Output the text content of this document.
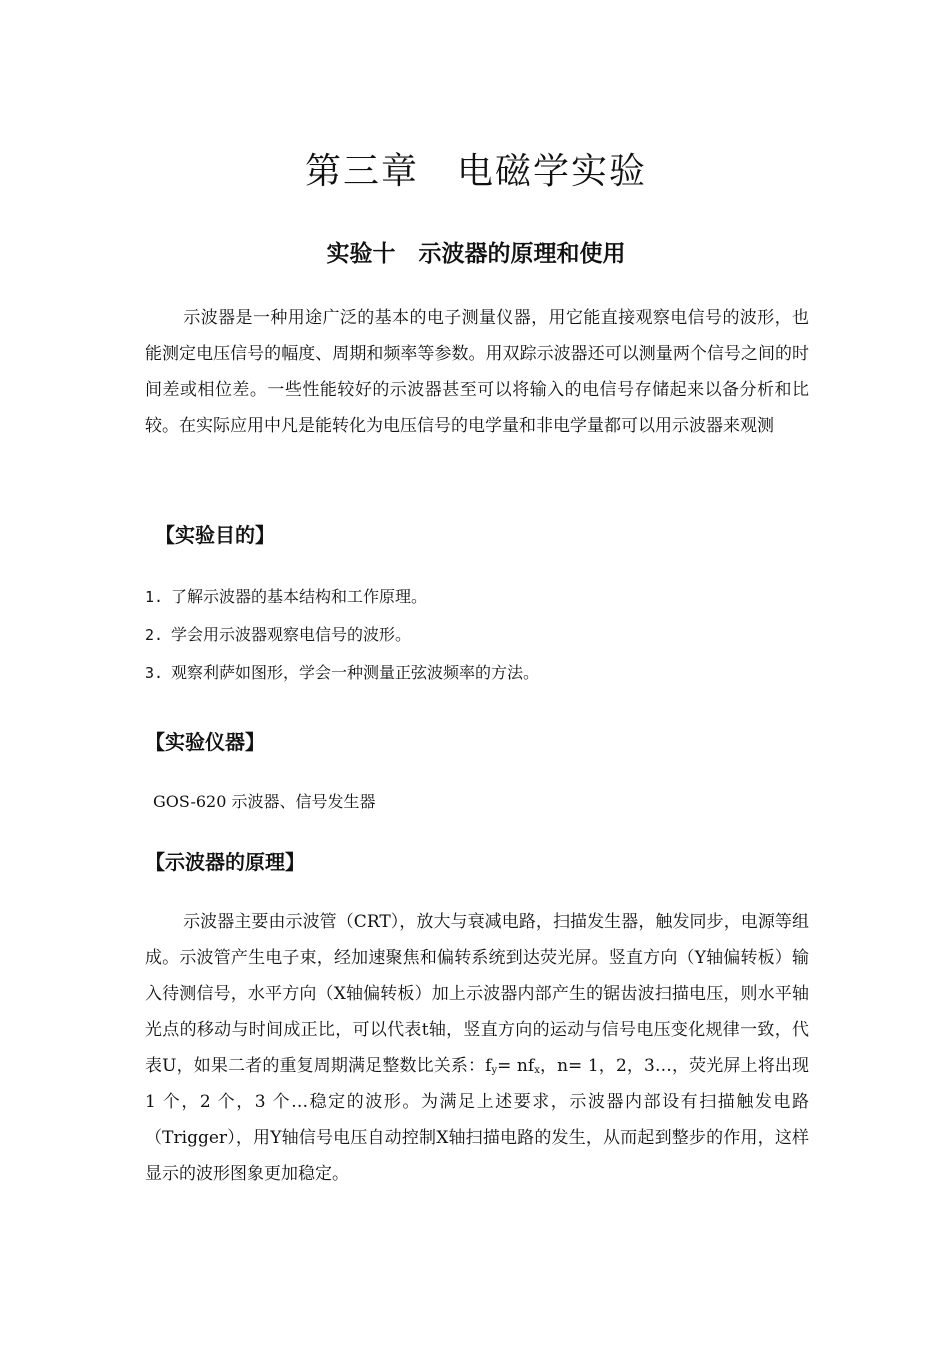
第三章　电磁学实验
实验十　示波器的原理和使用

示波器是一种用途广泛的基本的电子测量仪器，用它能直接观察电信号的波形，也能测定电压信号的幅度、周期和频率等参数。用双踪示波器还可以测量两个信号之间的时间差或相位差。一些性能较好的示波器甚至可以将输入的电信号存储起来以备分析和比较。在实际应用中凡是能转化为电压信号的电学量和非电学量都可以用示波器来观测

【实验目的】
1. 了解示波器的基本结构和工作原理。
2. 学会用示波器观察电信号的波形。
3. 观察利萨如图形，学会一种测量正弦波频率的方法。
【实验仪器】

GOS-620 示波器、信号发生器

【示波器的原理】

示波器主要由示波管（CRT），放大与衰减电路，扫描发生器，触发同步，电源等组成。示波管产生电子束，经加速聚焦和偏转系统到达荧光屏。竖直方向（Y轴偏转板）输入待测信号，水平方向（X轴偏转板）加上示波器内部产生的锯齿波扫描电压，则水平轴光点的移动与时间成正比，可以代表t轴，竖直方向的运动与信号电压变化规律一致，代表U，如果二者的重复周期满足整数比关系：$f_y= nf_x$，n= 1，2，3…，荧光屏上将出现 1 个，2 个，3 个…稳定的波形。为满足上述要求，示波器内部设有扫描触发电路（Trigger），用Y轴信号电压自动控制X轴扫描电路的发生，从而起到整步的作用，这样显示的波形图象更加稳定。
